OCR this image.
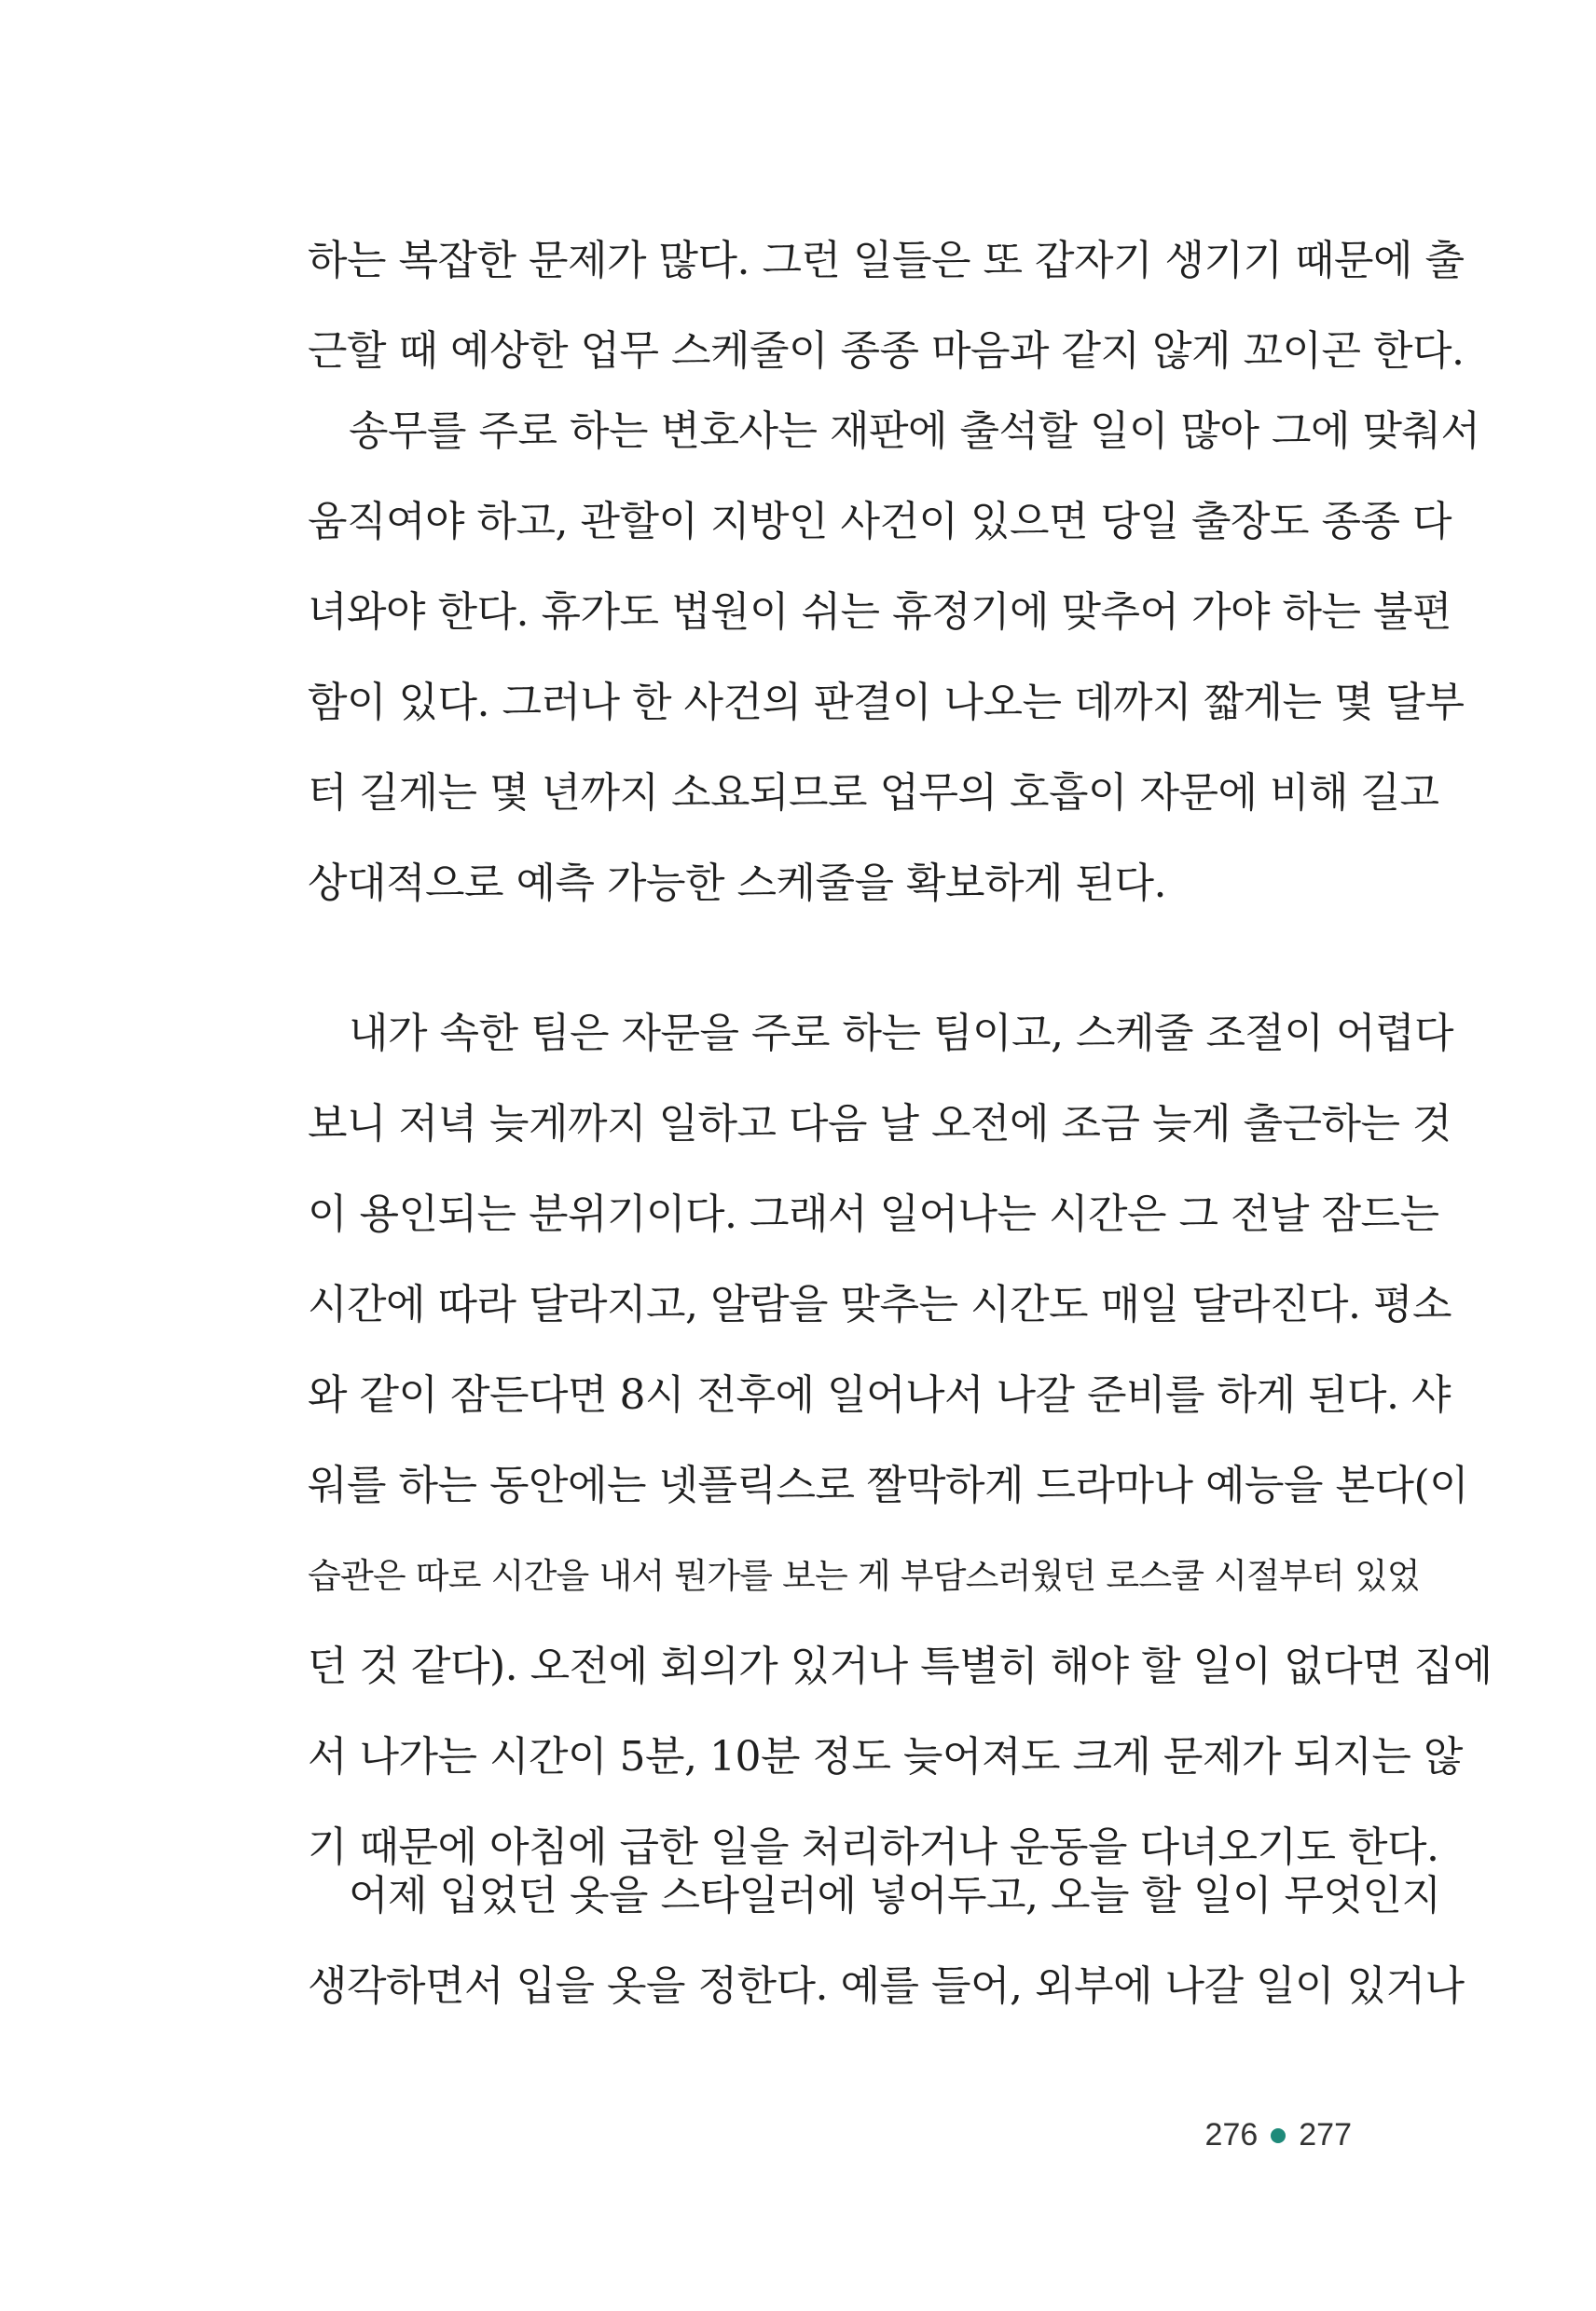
하는 복잡한 문제가 많다. 그런 일들은 또 갑자기 생기기 때문에 출
근할 때 예상한 업무 스케줄이 종종 마음과 같지 않게 꼬이곤 한다.
송무를 주로 하는 변호사는 재판에 출석할 일이 많아 그에 맞춰서
움직여야 하고, 관할이 지방인 사건이 있으면 당일 출장도 종종 다
녀와야 한다. 휴가도 법원이 쉬는 휴정기에 맞추어 가야 하는 불편
함이 있다. 그러나 한 사건의 판결이 나오는 데까지 짧게는 몇 달부
터 길게는 몇 년까지 소요되므로 업무의 호흡이 자문에 비해 길고
상대적으로 예측 가능한 스케줄을 확보하게 된다.
내가 속한 팀은 자문을 주로 하는 팀이고, 스케줄 조절이 어렵다
보니 저녁 늦게까지 일하고 다음 날 오전에 조금 늦게 출근하는 것
이 용인되는 분위기이다. 그래서 일어나는 시간은 그 전날 잠드는
시간에 따라 달라지고, 알람을 맞추는 시간도 매일 달라진다. 평소
와 같이 잠든다면 8시 전후에 일어나서 나갈 준비를 하게 된다. 샤
워를 하는 동안에는 넷플릭스로 짤막하게 드라마나 예능을 본다(이
습관은 따로 시간을 내서 뭔가를 보는 게 부담스러웠던 로스쿨 시절부터 있었
던 것 같다). 오전에 회의가 있거나 특별히 해야 할 일이 없다면 집에
서 나가는 시간이 5분, 10분 정도 늦어져도 크게 문제가 되지는 않
기 때문에 아침에 급한 일을 처리하거나 운동을 다녀오기도 한다.
어제 입었던 옷을 스타일러에 넣어두고, 오늘 할 일이 무엇인지
생각하면서 입을 옷을 정한다. 예를 들어, 외부에 나갈 일이 있거나
276 277
